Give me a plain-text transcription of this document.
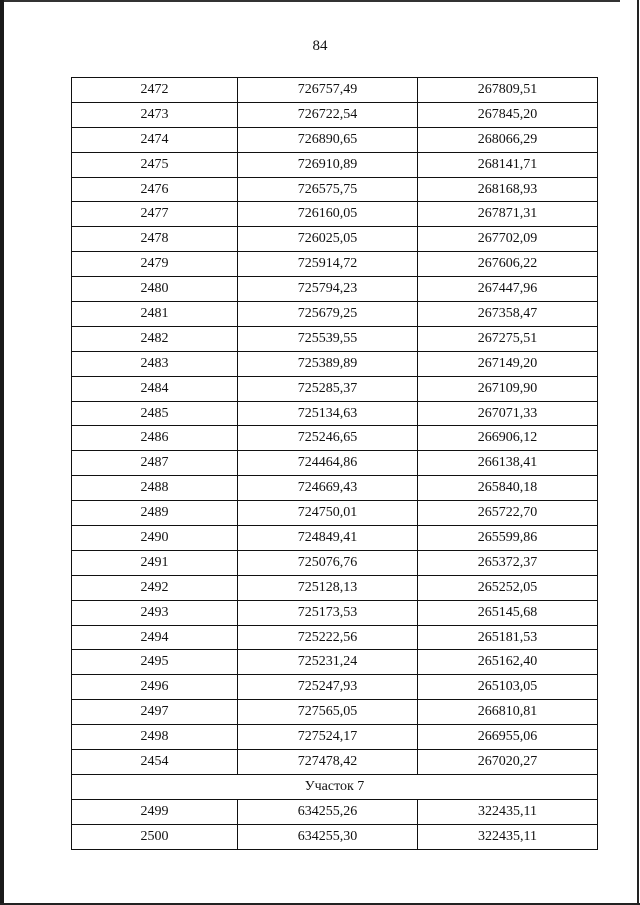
84
2472	726757,49	267809,51
2473	726722,54	267845,20
2474	726890,65	268066,29
2475	726910,89	268141,71
2476	726575,75	268168,93
2477	726160,05	267871,31
2478	726025,05	267702,09
2479	725914,72	267606,22
2480	725794,23	267447,96
2481	725679,25	267358,47
2482	725539,55	267275,51
2483	725389,89	267149,20
2484	725285,37	267109,90
2485	725134,63	267071,33
2486	725246,65	266906,12
2487	724464,86	266138,41
2488	724669,43	265840,18
2489	724750,01	265722,70
2490	724849,41	265599,86
2491	725076,76	265372,37
2492	725128,13	265252,05
2493	725173,53	265145,68
2494	725222,56	265181,53
2495	725231,24	265162,40
2496	725247,93	265103,05
2497	727565,05	266810,81
2498	727524,17	266955,06
2454	727478,42	267020,27
Участок 7		
2499	634255,26	322435,11
2500	634255,30	322435,11
